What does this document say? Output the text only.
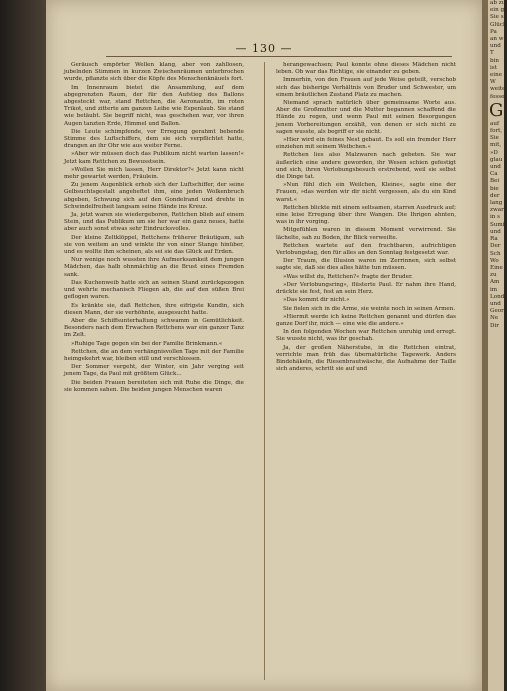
— 130 —

Geräusch empörter Wellen klang, aber von zahllosen, jubelnden Stimmen in kurzen Zwischenräumen unterbrochen wurde, pflanzte sich über die Köpfe des Menschenknäuels fort.

Im Innenraum bietet die Ansammlung, auf dem abgegrenzten Raum, der für den Aufstieg des Ballons abgesteckt war, stand Rettchen, die Aeronautin, im roten Trikot, und zitterte am ganzen Leibe wie Espenlaub. Sie stand wie betäubt. Sie begriff nicht, was geschehen war, vor ihren Augen tanzten Erde, Himmel und Ballon.

Die Leute schimpfende, vor Erregung gerahmt bebende Stimme des Luftschiffers, dem sie sich verpflichtet hatte, drangen an ihr Ohr wie aus weiter Ferne.

»Aber wir müssen doch das Publikum nicht warten lassen!« Jetzt kam Rettchen zu Bewusstsein.

»Wollen Sie mich lassen, Herr Direktor?« Jetzt kann nicht mehr gewartet werden, Fräulein.

Zu jenem Augenblick erhob sich der Luftschiffer, der seine Gelbsuchtsgestalt angeheftet ihm, eine jeden Wolkenbruch abgeben, Schwung sich auf den Gondelrand und drehte in Schwindelfreiheit langsam seine Hände ins Kreuz.

Ja, jetzt waren sie wiedergeboren, Rettchen blieb auf einem Stein, und das Publikum um sie her war ein ganz neues, hatte aber auch sonst etwas sehr Eindrucksvolles.

Der kleine Zeltklöppel, Rettchens früherer Bräutigam, sah sie von weitem an und winkte ihr von einer Stange hinüber, und es wollte ihm scheinen, als sei sie das Glück auf Erden.

Nur wenige noch wussten ihre Aufmerksamkeit dem jungen Mädchen, das halb ohnmächtig an die Brust eines Fremden sank.

Das Kuchenweib hatte sich an seinen Stand zurückgezogen und wehrte mechanisch Fliegen ab, die auf den süßen Brei geflogen waren.

Es kränkte sie, daß Rettchen, ihre eifrigste Kundin, sich diesen Mann, der sie verhöhnte, ausgesucht hatte.

Aber die Schiffsunterhaltung schwamm in Gemütlichkeit. Besonders nach dem Erwachen Rettchens war ein ganzer Tanz im Zelt.

»Ruhige Tage gegen ein bei der Familie Brinkmann.«

Rettchen, die an dem verhängnisvollen Tage mit der Familie heimgekehrt war, bleiben still und verschlossen.

Der Sommer vergeht, der Winter, ein Jahr verging seit jenem Tage, da Paul mit größtem Glück...

Die beiden Frauen bereiteten sich mit Ruhe die Dinge, die sie kommen sahen. Die beiden jungen Menschen waren

herangewachsen; Paul konnte ohne dieses Mädchen nicht leben. Ob war das Richtige, sie einander zu geben.

Immerhin, von den Frauen auf jede Weise geteilt, verschob sich das bisherige Verhältnis von Bruder und Schwester, um einem bräutlichen Zustand Platz zu machen.

Niemand sprach natürlich über gemeinsame Worte aus. Aber die Großmutter und die Mutter begannen schaffend die Hände zu regen, und wenn Paul mit seinen Besorgungen jenem Vorbereitungen erzählt, von denen er sich nicht zu sagen wusste, als begriff er sie nicht.

»Hier wird ein feines Nest gebaut. Es soll ein fremder Herr einziehen mit seinem Weibchen.«

Rettchen lies also Malzwaren nach gebeten. Sie war äußerlich eine andere geworden, ihr Wesen schien gefestigt und sich, ihren Verlobungsbesuch erstrebend, weil sie selbst die Dinge tat.

»Nun fühl dich ein Weilchen, Kleine«, sagte eine der Frauen, »das werden wir dir nicht vergessen, als du ein Kind warst.«

Rettchen blickte mit einem seltsamen, starren Ausdruck auf; eine leise Erregung über ihre Wangen. Die Ihrigen ahnten, was in ihr vorging.

Mitgefühlen waren in diesem Moment verwirrend. Sie lächelte, sah zu Boden, ihr Blick verweilte.

Rettchen wartete auf den fruchtbaren, aufrichtigen Verlobungstag, den für alles an den Sonntag festgesetzt war.

Der Traum, die Illusion waren im Zerrinnen, sich selbst sagte sie, daß sie dies alles hätte tun müssen.

»Was willst du, Rettchen?« fragte der Bruder.

»Der Verlobungsring«, flüsterte Paul. Er nahm ihre Hand, drückte sie fest, fest an sein Herz.

»Das kommt dir nicht.«

Sie fielen sich in die Arme, sie weinte noch in seinen Armen.

»Hiermit werde ich keine Rettchen genannt und dürfen das ganze Dorf ihr, mich — eine wie die andere.«

In den folgenden Wochen war Rettchen unruhig und erregt. Sie wusste nicht, was ihr geschah.

Ja, der großen Näherstube, in die Rettchen eintrat, verrichte man früh das übernatürliche Tagewerk. Anders Bindehäkeln, die Riesenbrautwäsche, die Aufnahme der Taille sich anderes, schritt sie auf und

ab zu
ein ge
Sie s
Glück
Pa
an w
und
T
bin
ist
eine
W
weite
fesse
G
auf
fort,
Sie
mit,
»D
glau
und
Ca
Bei
bie
der
lang
zwar
in s
Sumi
und
Ra
Der
Sch
Wo
Eine
zu
Am
im
Lond
und
Geor
Ne
Dir
